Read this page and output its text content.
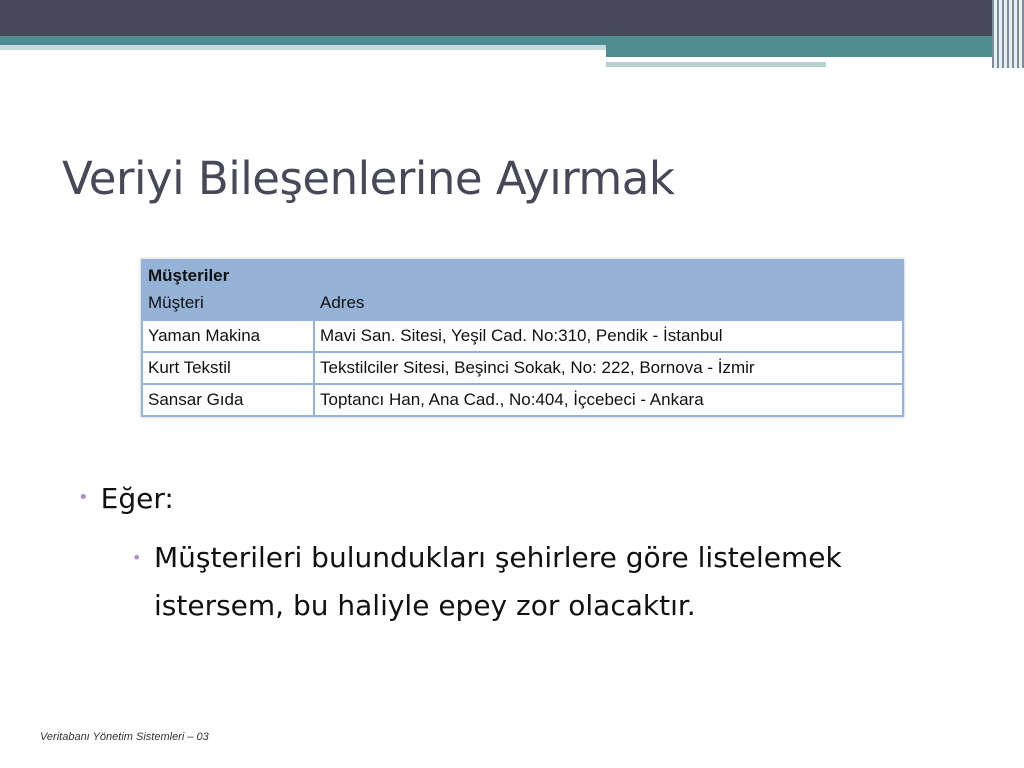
Veriyi Bileşenlerine Ayırmak
Müşteriler
Müşteri	Adres
Yaman Makina	Mavi San. Sitesi, Yeşil Cad. No:310, Pendik - İstanbul
Kurt Tekstil	Tekstilciler Sitesi, Beşinci Sokak, No: 222, Bornova - İzmir
Sansar Gıda	Toptancı Han, Ana Cad., No:404, İçcebeci - Ankara
• Eğer:
• Müşterileri bulundukları şehirlere göre listelemek istersem, bu haliyle epey zor olacaktır.
Veritabanı Yönetim Sistemleri – 03
